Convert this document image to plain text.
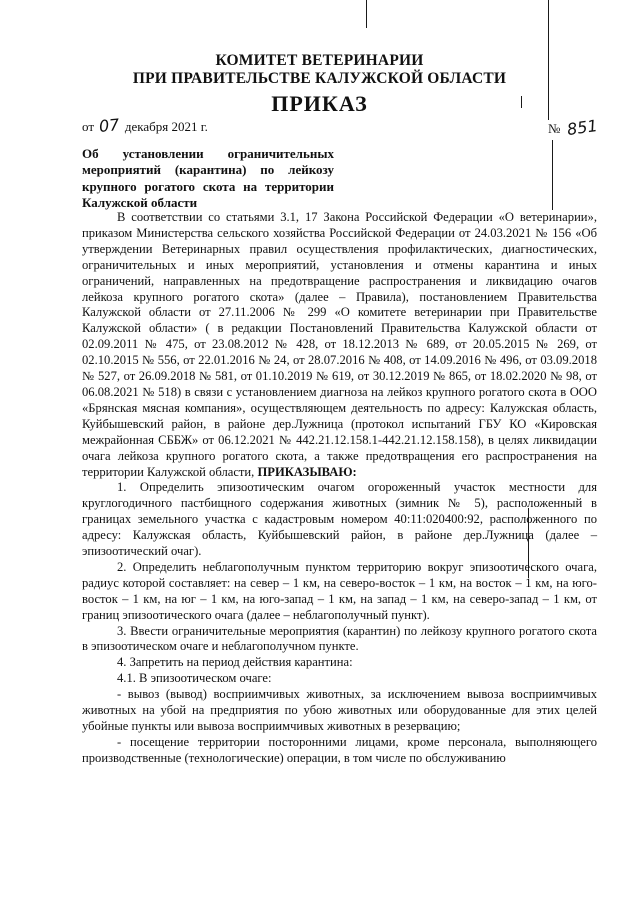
КОМИТЕТ ВЕТЕРИНАРИИ
ПРИ ПРАВИТЕЛЬСТВЕ КАЛУЖСКОЙ ОБЛАСТИ
ПРИКАЗ
от 07 декабря 2021 г.	№ 851
Об установлении ограничительных мероприятий (карантина) по лейкозу крупного рогатого скота на территории Калужской области

В соответствии со статьями 3.1, 17 Закона Российской Федерации «О ветеринарии», приказом Министерства сельского хозяйства Российской Федерации от 24.03.2021 № 156 «Об утверждении Ветеринарных правил осуществления профилактических, диагностических, ограничительных и иных мероприятий, установления и отмены карантина и иных ограничений, направленных на предотвращение распространения и ликвидацию очагов лейкоза крупного рогатого скота» (далее – Правила), постановлением Правительства Калужской области от 27.11.2006 № 299 «О комитете ветеринарии при Правительстве Калужской области» ( в редакции Постановлений Правительства Калужской области от 02.09.2011 № 475, от 23.08.2012 № 428, от 18.12.2013 № 689, от 20.05.2015 № 269, от 02.10.2015 № 556, от 22.01.2016 № 24, от 28.07.2016 № 408, от 14.09.2016 № 496, от 03.09.2018 № 527, от 26.09.2018 № 581, от 01.10.2019 № 619, от 30.12.2019 № 865, от 18.02.2020 № 98, от 06.08.2021 № 518) в связи с установлением диагноза на лейкоз крупного рогатого скота в ООО «Брянская мясная компания», осуществляющем деятельность по адресу: Калужская область, Куйбышевский район, в районе дер.Лужница (протокол испытаний ГБУ КО «Кировская межрайонная СББЖ» от 06.12.2021 № 442.21.12.158.1-442.21.12.158.158), в целях ликвидации очага лейкоза крупного рогатого скота, а также предотвращения его распространения на территории Калужской области, ПРИКАЗЫВАЮ:

1. Определить эпизоотическим очагом огороженный участок местности для круглогодичного пастбищного содержания животных (зимник № 5), расположенный в границах земельного участка с кадастровым номером 40:11:020400:92, расположенного по адресу: Калужская область, Куйбышевский район, в районе дер.Лужница (далее – эпизоотический очаг).

2. Определить неблагополучным пунктом территорию вокруг эпизоотического очага, радиус которой составляет: на север – 1 км, на северо-восток – 1 км, на восток – 1 км, на юго-восток – 1 км, на юг – 1 км, на юго-запад – 1 км, на запад – 1 км, на северо-запад – 1 км, от границ эпизоотического очага (далее – неблагополучный пункт).

3. Ввести ограничительные мероприятия (карантин) по лейкозу крупного рогатого скота в эпизоотическом очаге и неблагополучном пункте.

4. Запретить на период действия карантина:

4.1. В эпизоотическом очаге:

- вывоз (вывод) восприимчивых животных, за исключением вывоза восприимчивых животных на убой на предприятия по убою животных или оборудованные для этих целей убойные пункты или вывоза восприимчивых животных в резервацию;

- посещение территории посторонними лицами, кроме персонала, выполняющего производственные (технологические) операции, в том числе по обслуживанию
